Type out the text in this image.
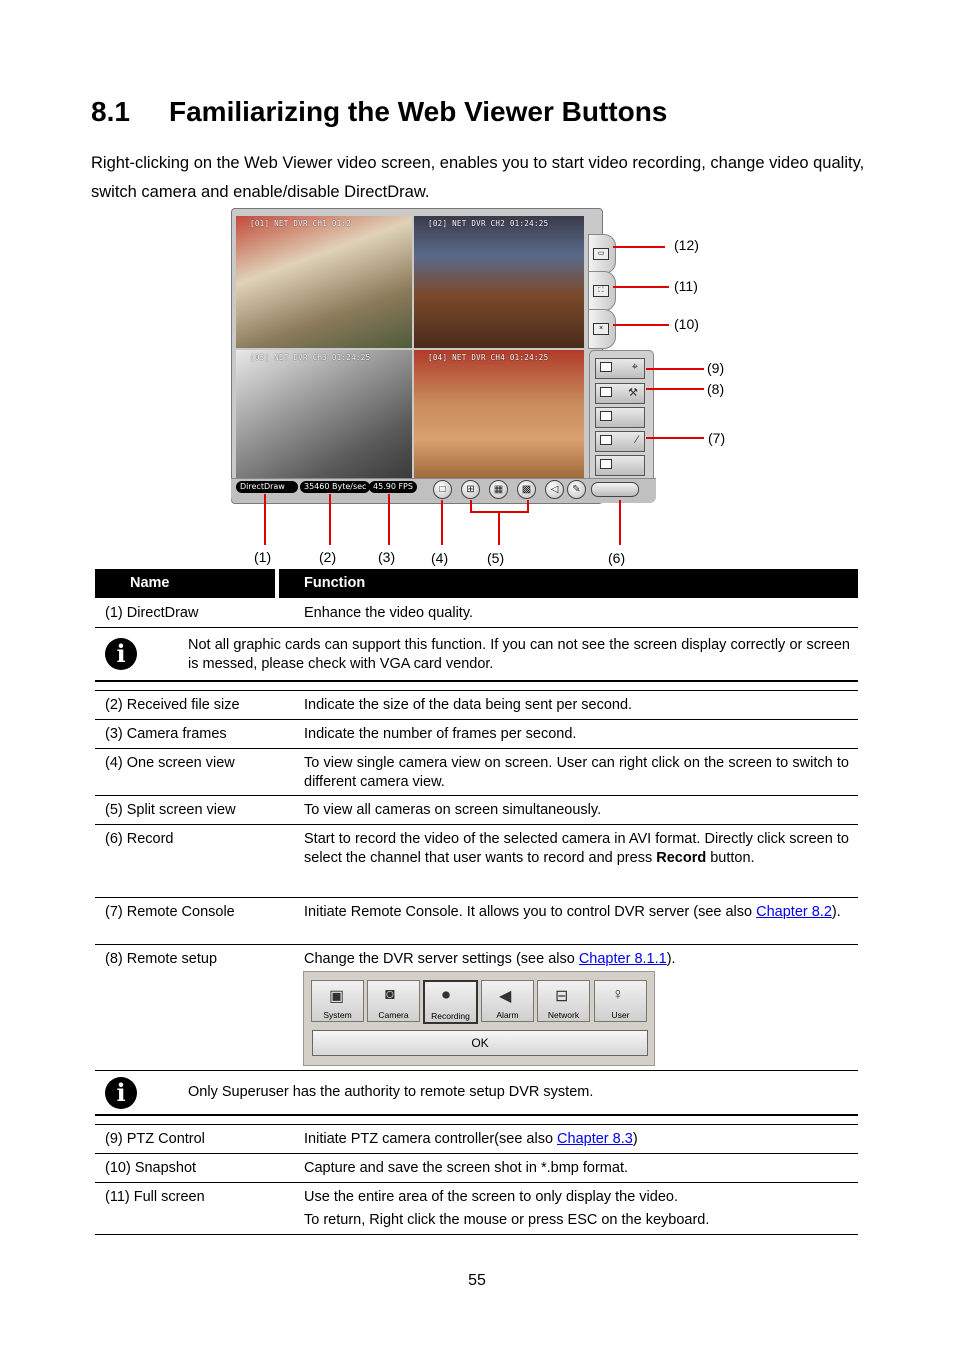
8.1 Familiarizing the Web Viewer Buttons

Right-clicking on the Web Viewer video screen, enables you to start video recording, change video quality, switch camera and enable/disable DirectDraw.

[01] NET DVR CH1 01:2	[02] NET DVR CH2 01:24:25
[03] NET DVR CH3 01:24:25	[04] NET DVR CH4 01:24:25
▭
⛶
×
⌖
⚒
∕
DirectDraw	35460 Byte/sec 45.90 FPS	□	⊞	▦	▩	◁	✎
(1)	(2)	(3)	(4)	(5)	(6)
(7)
(8)
(9)
(10)
(11)
(12)
Name	Function
(1) DirectDraw	Enhance the video quality.
i	Not all graphic cards can support this function. If you can not see the screen display correctly or screen is messed, please check with VGA card vendor.
(2) Received file size	Indicate the size of the data being sent per second.
(3) Camera frames	Indicate the number of frames per second.
(4) One screen view	To view single camera view on screen. User can right click on the screen to switch to different camera view.
(5) Split screen view	To view all cameras on screen simultaneously.
(6) Record	Start to record the video of the selected camera in AVI format. Directly click screen to select the channel that user wants to record and press Record button.
(7) Remote Console	Initiate Remote Console. It allows you to control DVR server (see also Chapter 8.2).
(8) Remote setup	Change the DVR server settings (see also Chapter 8.1.1).
▣
System
◙
Camera
⏺
Recording
◀
Alarm
⊟
Network
♀
User
OK
i	Only Superuser has the authority to remote setup DVR system.
(9) PTZ Control	Initiate PTZ camera controller(see also Chapter 8.3)
(10) Snapshot	Capture and save the screen shot in *.bmp format.
(11) Full screen	Use the entire area of the screen to only display the video.
To return, Right click the mouse or press ESC on the keyboard.
55
